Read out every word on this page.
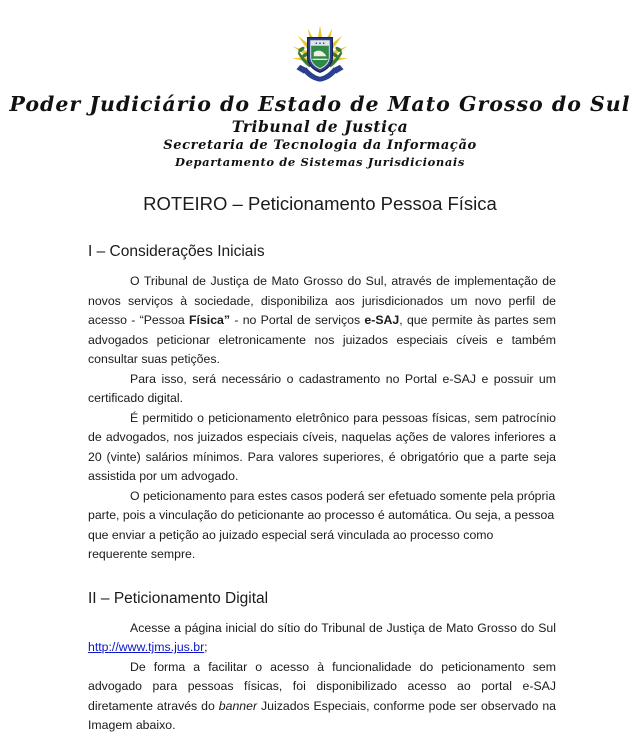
Poder Judiciário do Estado de Mato Grosso do Sul
Tribunal de Justiça
Secretaria de Tecnologia da Informação
Departamento de Sistemas Jurisdicionais
ROTEIRO – Peticionamento Pessoa Física
I – Considerações Iniciais

O Tribunal de Justiça de Mato Grosso do Sul, através de implementação de novos serviços à sociedade, disponibiliza aos jurisdicionados um novo perfil de acesso - “Pessoa Física” - no Portal de serviços e-SAJ, que permite às partes sem advogados peticionar eletronicamente nos juizados especiais cíveis e também consultar suas petições.

Para isso, será necessário o cadastramento no Portal e-SAJ e possuir um certificado digital.

É permitido o peticionamento eletrônico para pessoas físicas, sem patrocínio de advogados, nos juizados especiais cíveis, naquelas ações de valores inferiores a 20 (vinte) salários mínimos. Para valores superiores, é obrigatório que a parte seja assistida por um advogado.

O peticionamento para estes casos poderá ser efetuado somente pela própria parte, pois a vinculação do peticionante ao processo é automática. Ou seja, a pessoa que enviar a petição ao juizado especial será vinculada ao processo como requerente sempre.

II – Peticionamento Digital

Acesse a página inicial do sítio do Tribunal de Justiça de Mato Grosso do Sul http://www.tjms.jus.br;

De forma a facilitar o acesso à funcionalidade do peticionamento sem advogado para pessoas físicas, foi disponibilizado acesso ao portal e-SAJ diretamente através do banner Juizados Especiais, conforme pode ser observado na Imagem abaixo.
